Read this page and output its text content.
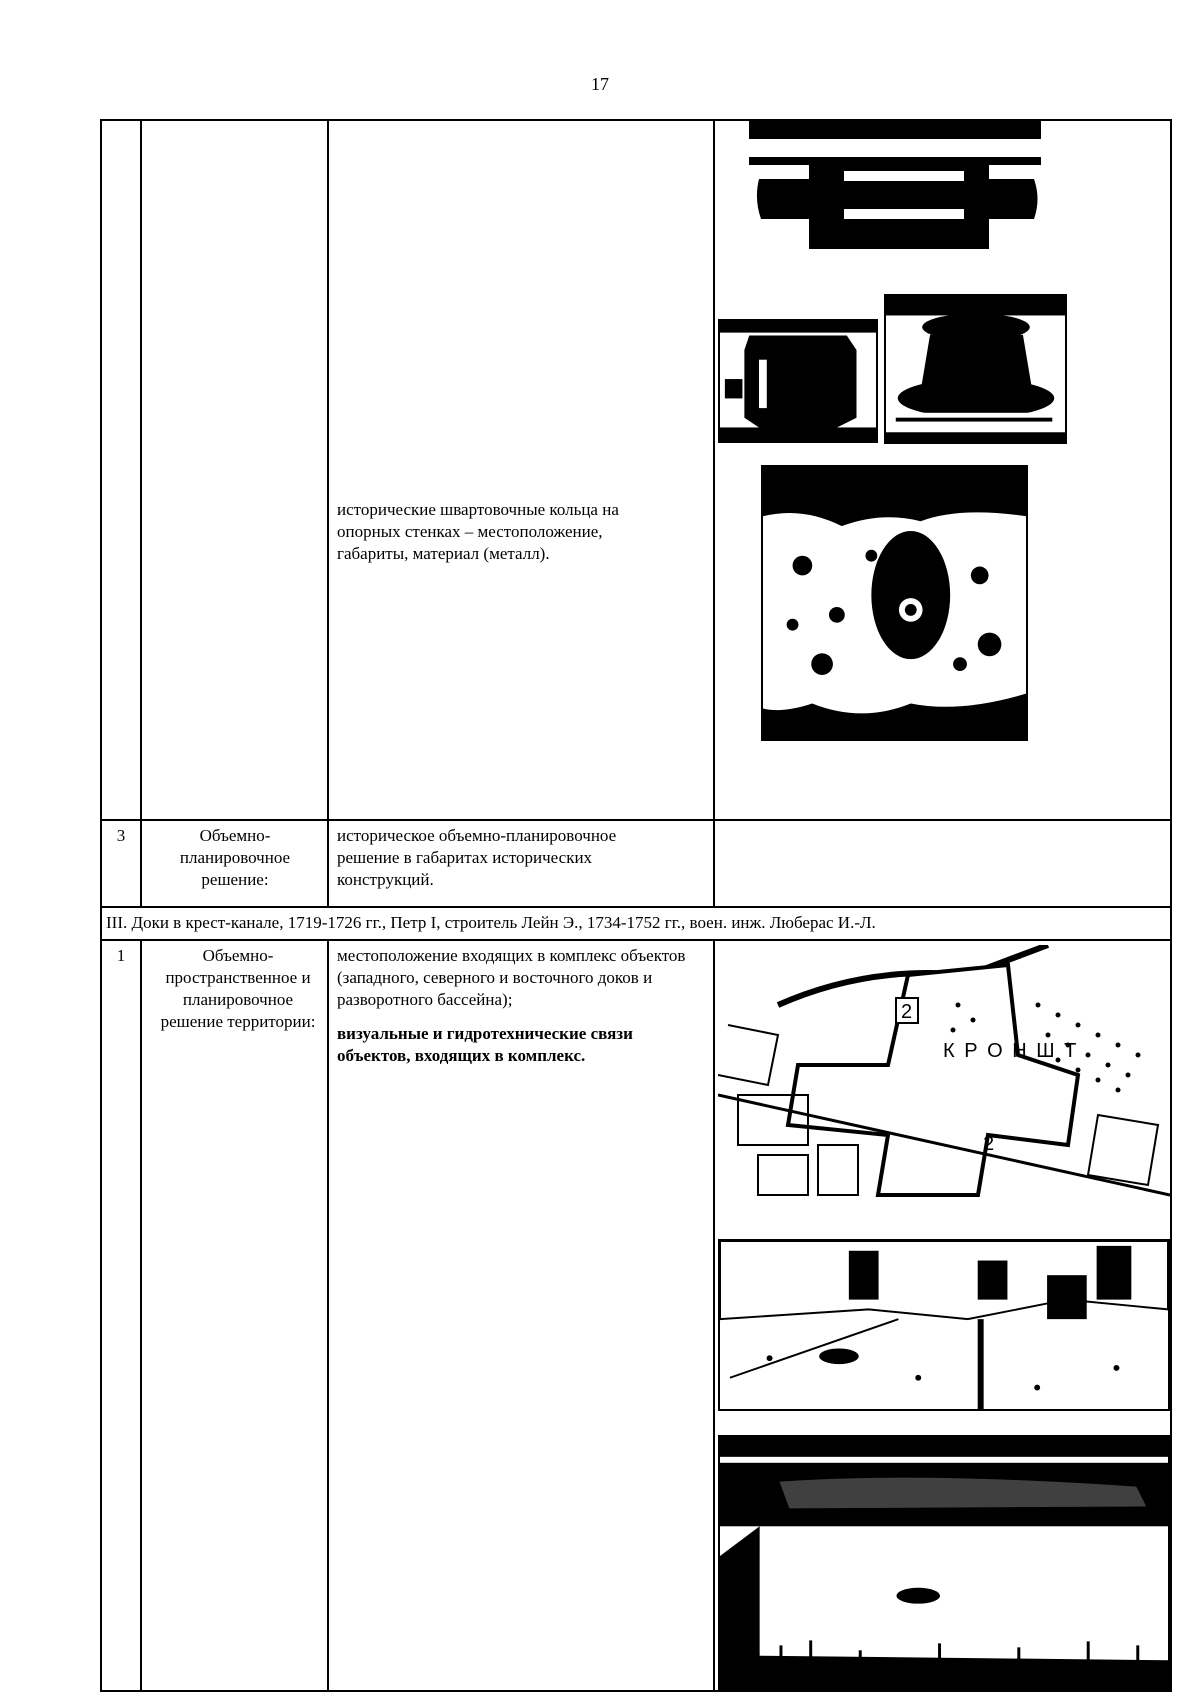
17
исторические швартовочные кольца на опорных стенках – местоположение, габариты, материал (металл).
3	Объемно-планировочное решение:
историческое объемно-планировочное решение в габаритах исторических конструкций.
III. Доки в крест-канале, 1719-1726 гг., Петр I, строитель Лейн Э., 1734-1752 гг., воен. инж. Люберас И.-Л.
1	Объемно-пространственное и планировочное решение территории:
местоположение входящих в комплекс объектов (западного, северного и восточного доков и разворотного бассейна);
визуальные и гидротехнические связи объектов, входящих в комплекс.
2
2
К Р О Н Ш Т
